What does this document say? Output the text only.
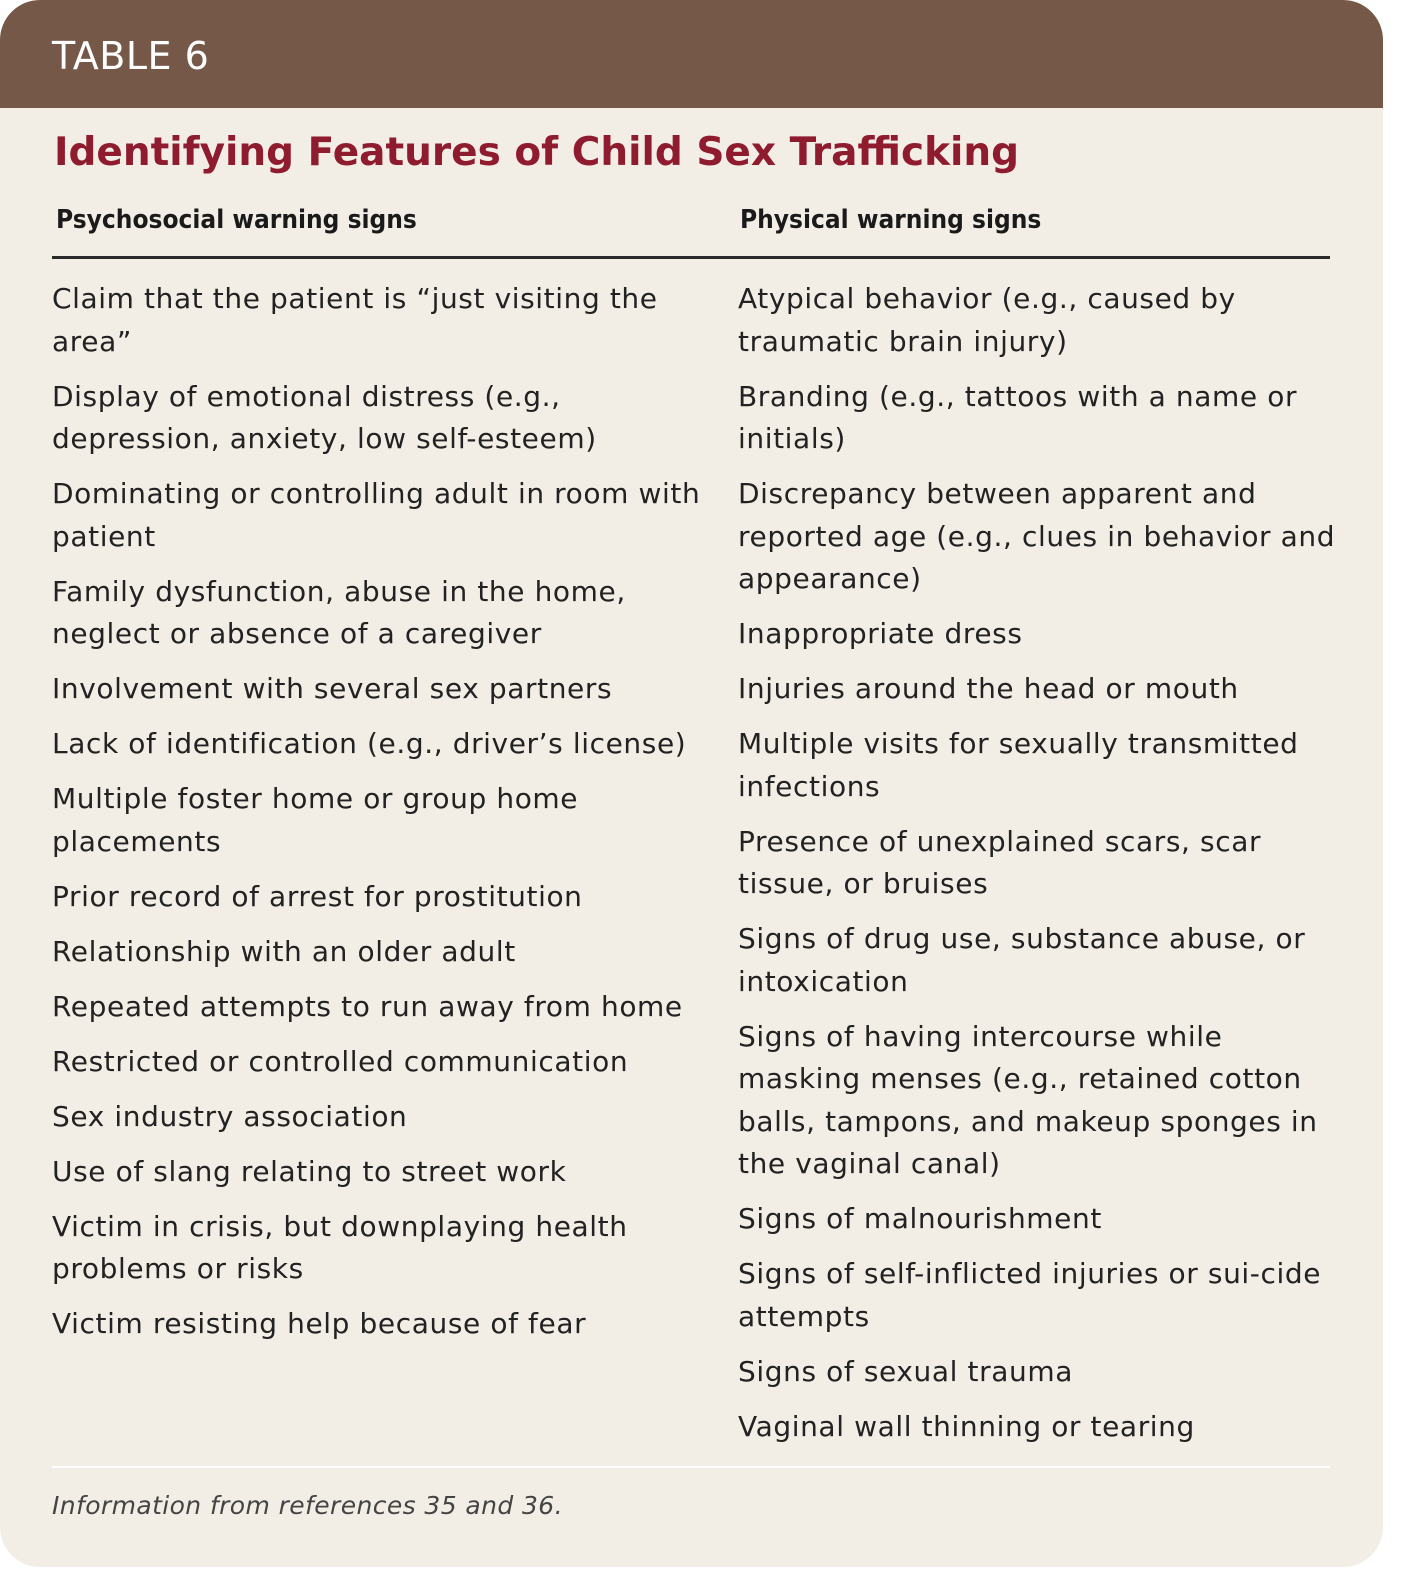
TABLE 6
Identifying Features of Child Sex Trafficking
Psychosocial warning signs	Physical warning signs
Claim that the patient is “just visiting the area”
Display of emotional distress (e.g., depression, anxiety, low self-esteem)
Dominating or controlling adult in room with patient
Family dysfunction, abuse in the home, neglect or absence of a caregiver
Involvement with several sex partners
Lack of identification (e.g., driver’s license)
Multiple foster home or group home placements
Prior record of arrest for prostitution
Relationship with an older adult
Repeated attempts to run away from home
Restricted or controlled communication
Sex industry association
Use of slang relating to street work
Victim in crisis, but downplaying health problems or risks
Victim resisting help because of fear
Atypical behavior (e.g., caused by traumatic brain injury)
Branding (e.g., tattoos with a name or initials)
Discrepancy between apparent and reported age (e.g., clues in behavior and appearance)
Inappropriate dress
Injuries around the head or mouth
Multiple visits for sexually transmitted infections
Presence of unexplained scars, scar tissue, or bruises
Signs of drug use, substance abuse, or intoxication
Signs of having intercourse while masking menses (e.g., retained cotton balls, tampons, and makeup sponges in the vaginal canal)
Signs of malnourishment
Signs of self-inflicted injuries or sui-cide attempts
Signs of sexual trauma
Vaginal wall thinning or tearing
Information from references 35 and 36.
